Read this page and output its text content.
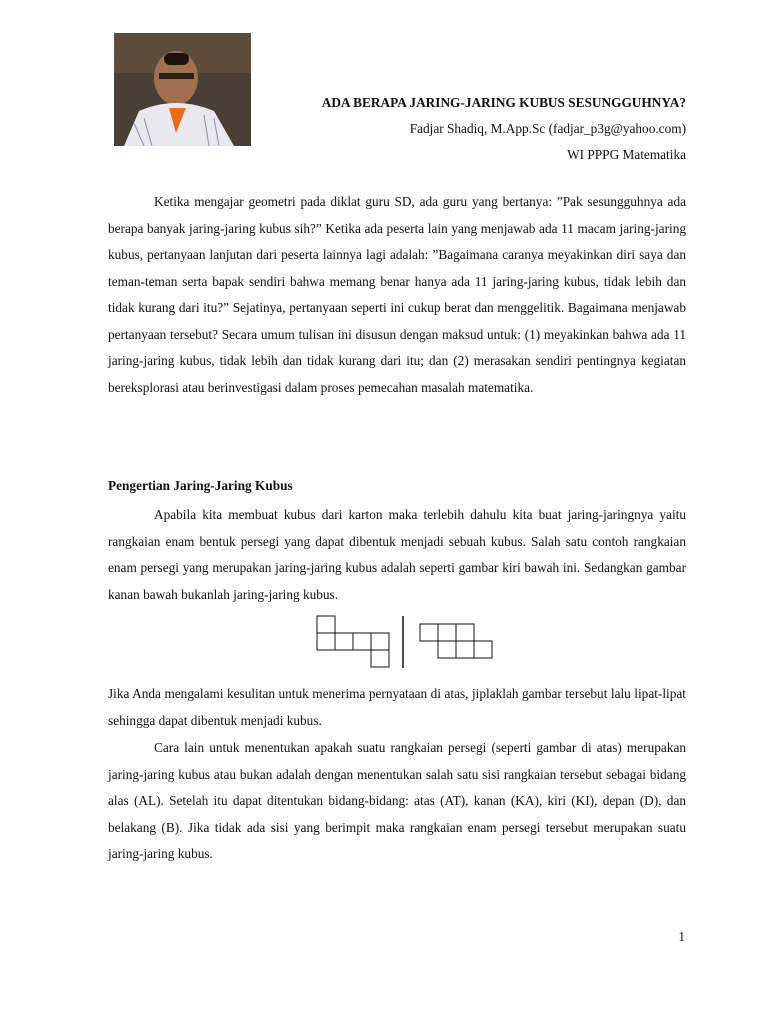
ADA BERAPA JARING-JARING KUBUS SESUNGGUHNYA?
Fadjar Shadiq, M.App.Sc (fadjar_p3g@yahoo.com)
WI PPPG Matematika

Ketika mengajar geometri pada diklat guru SD, ada guru yang bertanya: ”Pak sesungguhnya ada berapa banyak jaring-jaring kubus sih?” Ketika ada peserta lain yang menjawab ada 11 macam jaring-jaring kubus, pertanyaan lanjutan dari peserta lainnya lagi adalah: ”Bagaimana caranya meyakinkan diri saya dan teman-teman serta bapak sendiri bahwa memang benar hanya ada 11 jaring-jaring kubus, tidak lebih dan tidak kurang dari itu?” Sejatinya, pertanyaan seperti ini cukup berat dan menggelitik. Bagaimana menjawab pertanyaan tersebut? Secara umum tulisan ini disusun dengan maksud untuk: (1) meyakinkan bahwa ada 11 jaring-jaring kubus, tidak lebih dan tidak kurang dari itu; dan (2) merasakan sendiri pentingnya kegiatan bereksplorasi atau berinvestigasi dalam proses pemecahan masalah matematika.

Pengertian Jaring-Jaring Kubus

Apabila kita membuat kubus dari karton maka terlebih dahulu kita buat jaring-jaringnya yaitu rangkaian enam bentuk persegi yang dapat dibentuk menjadi sebuah kubus. Salah satu contoh rangkaian enam persegi yang merupakan jaring-jaring kubus adalah seperti gambar kiri bawah ini. Sedangkan gambar kanan bawah bukanlah jaring-jaring kubus.

Jika Anda mengalami kesulitan untuk menerima pernyataan di atas, jiplaklah gambar tersebut lalu lipat-lipat sehingga dapat dibentuk menjadi kubus.

Cara lain untuk menentukan apakah suatu rangkaian persegi (seperti gambar di atas) merupakan jaring-jaring kubus atau bukan adalah dengan menentukan salah satu sisi rangkaian tersebut sebagai bidang alas (AL). Setelah itu dapat ditentukan bidang-bidang: atas (AT), kanan (KA), kiri (KI), depan (D), dan belakang (B). Jika tidak ada sisi yang berimpit maka rangkaian enam persegi tersebut merupakan suatu jaring-jaring kubus.

1
